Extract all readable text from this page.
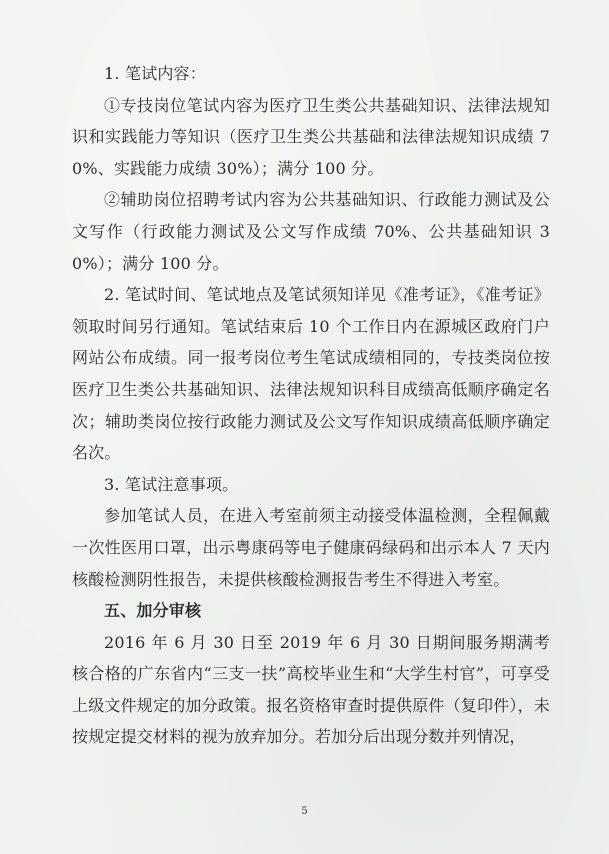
1. 笔试内容：

①专技岗位笔试内容为医疗卫生类公共基础知识、法律法规知识和实践能力等知识（医疗卫生类公共基础和法律法规知识成绩 70%、实践能力成绩 30%）；满分 100 分。

②辅助岗位招聘考试内容为公共基础知识、行政能力测试及公文写作（行政能力测试及公文写作成绩 70%、公共基础知识 30%）；满分 100 分。

2. 笔试时间、笔试地点及笔试须知详见《准考证》，《准考证》领取时间另行通知。笔试结束后 10 个工作日内在源城区政府门户网站公布成绩。同一报考岗位考生笔试成绩相同的，专技类岗位按医疗卫生类公共基础知识、法律法规知识科目成绩高低顺序确定名次；辅助类岗位按行政能力测试及公文写作知识成绩高低顺序确定名次。

3. 笔试注意事项。

参加笔试人员，在进入考室前须主动接受体温检测，全程佩戴一次性医用口罩，出示粤康码等电子健康码绿码和出示本人 7 天内核酸检测阴性报告，未提供核酸检测报告考生不得进入考室。

五、加分审核

2016 年 6 月 30 日至 2019 年 6 月 30 日期间服务期满考核合格的广东省内“三支一扶”高校毕业生和“大学生村官”，可享受上级文件规定的加分政策。报名资格审查时提供原件（复印件），未按规定提交材料的视为放弃加分。若加分后出现分数并列情况，

5
